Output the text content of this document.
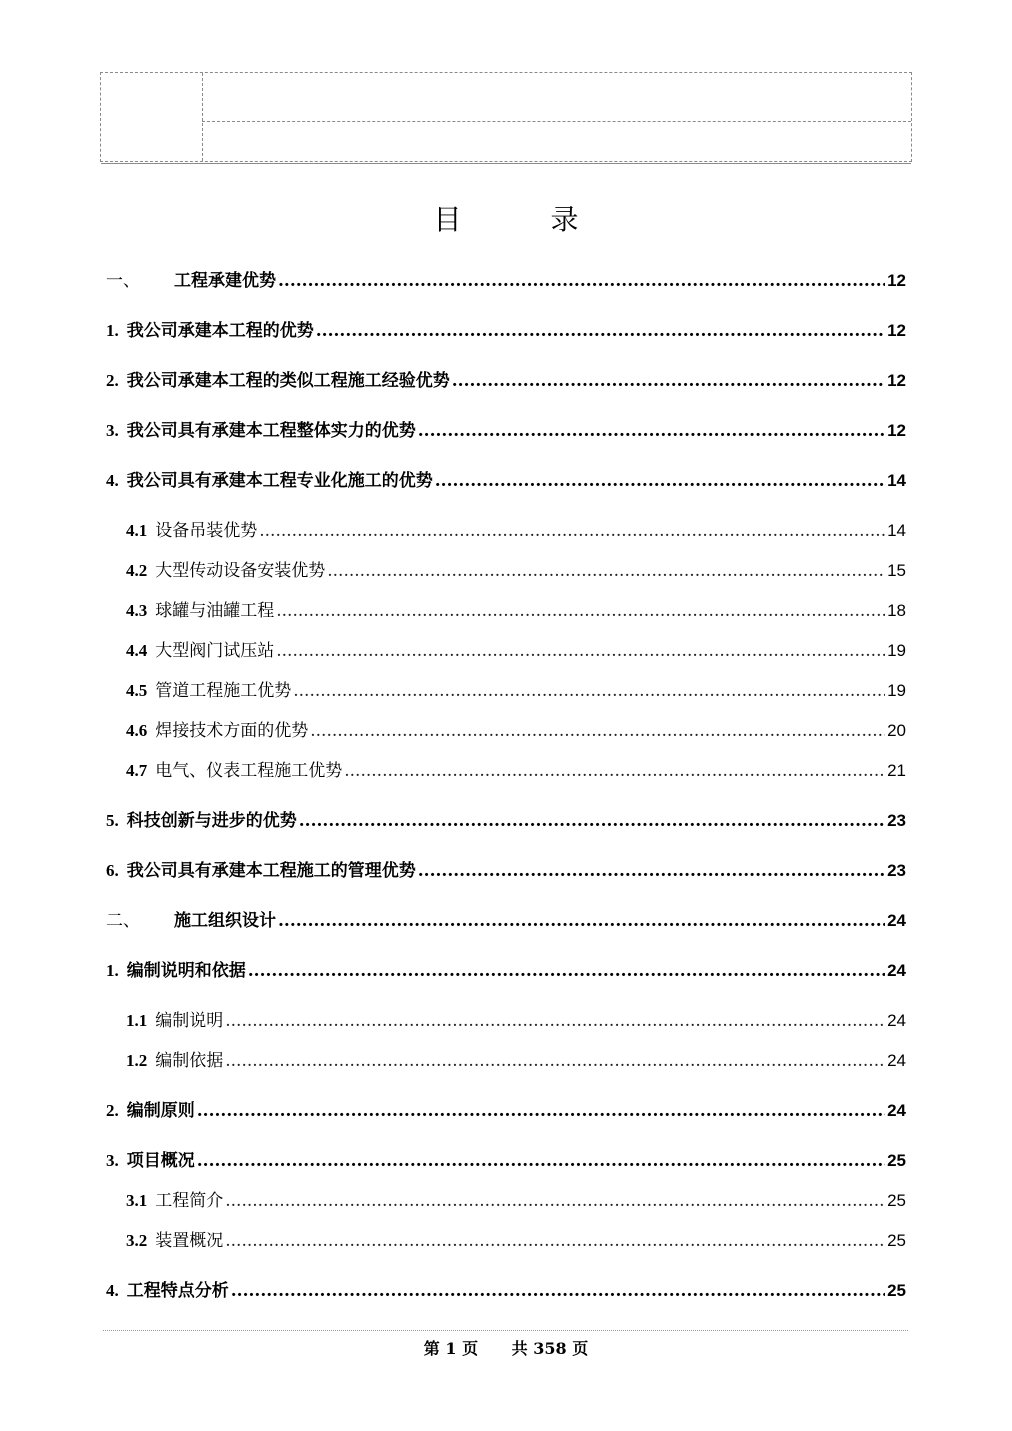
目 录
一、 工程承建优势 .....	12
1. 我公司承建本工程的优势 .....	12
2. 我公司承建本工程的类似工程施工经验优势 .....	12
3. 我公司具有承建本工程整体实力的优势 .....	12
4. 我公司具有承建本工程专业化施工的优势 .....	14
4.1 设备吊装优势 .....	14
4.2 大型传动设备安装优势 .....	15
4.3 球罐与油罐工程 .....	18
4.4 大型阀门试压站 .....	19
4.5 管道工程施工优势 .....	19
4.6 焊接技术方面的优势 .....	20
4.7 电气、仪表工程施工优势 .....	21
5. 科技创新与进步的优势 .....	23
6. 我公司具有承建本工程施工的管理优势 .....	23
二、 施工组织设计 .....	24
1. 编制说明和依据 .....	24
1.1 编制说明 .....	24
1.2 编制依据 .....	24
2. 编制原则 .....	24
3. 项目概况 .....	25
3.1 工程简介 .....	25
3.2 装置概况 .....	25
4. 工程特点分析 .....	25
第 1 页 共 358 页
